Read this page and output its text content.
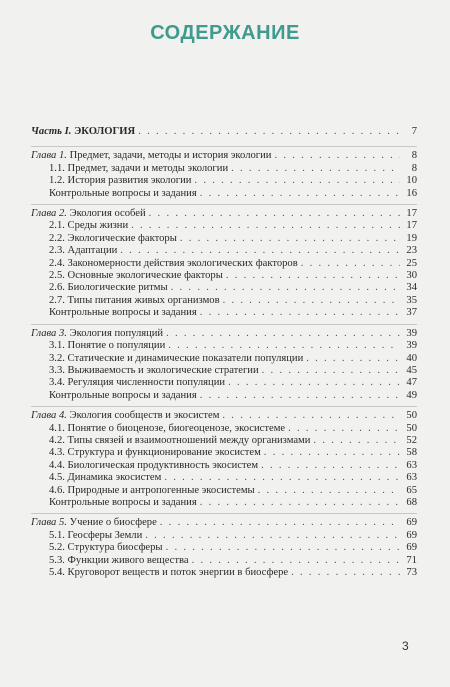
СОДЕРЖАНИЕ
Часть I. ЭКОЛОГИЯ . . .	7
Глава 1. Предмет, задачи, методы и история экологии . . .	8
1.1. Предмет, задачи и методы экологии . . .	8
1.2. История развития экологии . . .	10
Контрольные вопросы и задания . . .	16
Глава 2. Экология особей . . .	17
2.1. Среды жизни . . .	17
2.2. Экологические факторы . . .	19
2.3. Адаптации . . .	23
2.4. Закономерности действия экологических факторов . . .	25
2.5. Основные экологические факторы . . .	30
2.6. Биологические ритмы . . .	34
2.7. Типы питания живых организмов . . .	35
Контрольные вопросы и задания . . .	37
Глава 3. Экология популяций . . .	39
3.1. Понятие о популяции . . .	39
3.2. Статические и динамические показатели популяции . . .	40
3.3. Выживаемость и экологические стратегии . . .	45
3.4. Регуляция численности популяции . . .	47
Контрольные вопросы и задания . . .	49
Глава 4. Экология сообществ и экосистем . . .	50
4.1. Понятие о биоценозе, биогеоценозе, экосистеме . . .	50
4.2. Типы связей и взаимоотношений между организмами . . .	52
4.3. Структура и функционирование экосистем . . .	58
4.4. Биологическая продуктивность экосистем . . .	63
4.5. Динамика экосистем . . .	63
4.6. Природные и антропогенные экосистемы . . .	65
Контрольные вопросы и задания . . .	68
Глава 5. Учение о биосфере . . .	69
5.1. Геосферы Земли . . .	69
5.2. Структура биосферы . . .	69
5.3. Функции живого вещества . . .	71
5.4. Круговорот веществ и поток энергии в биосфере . . .	73
3
